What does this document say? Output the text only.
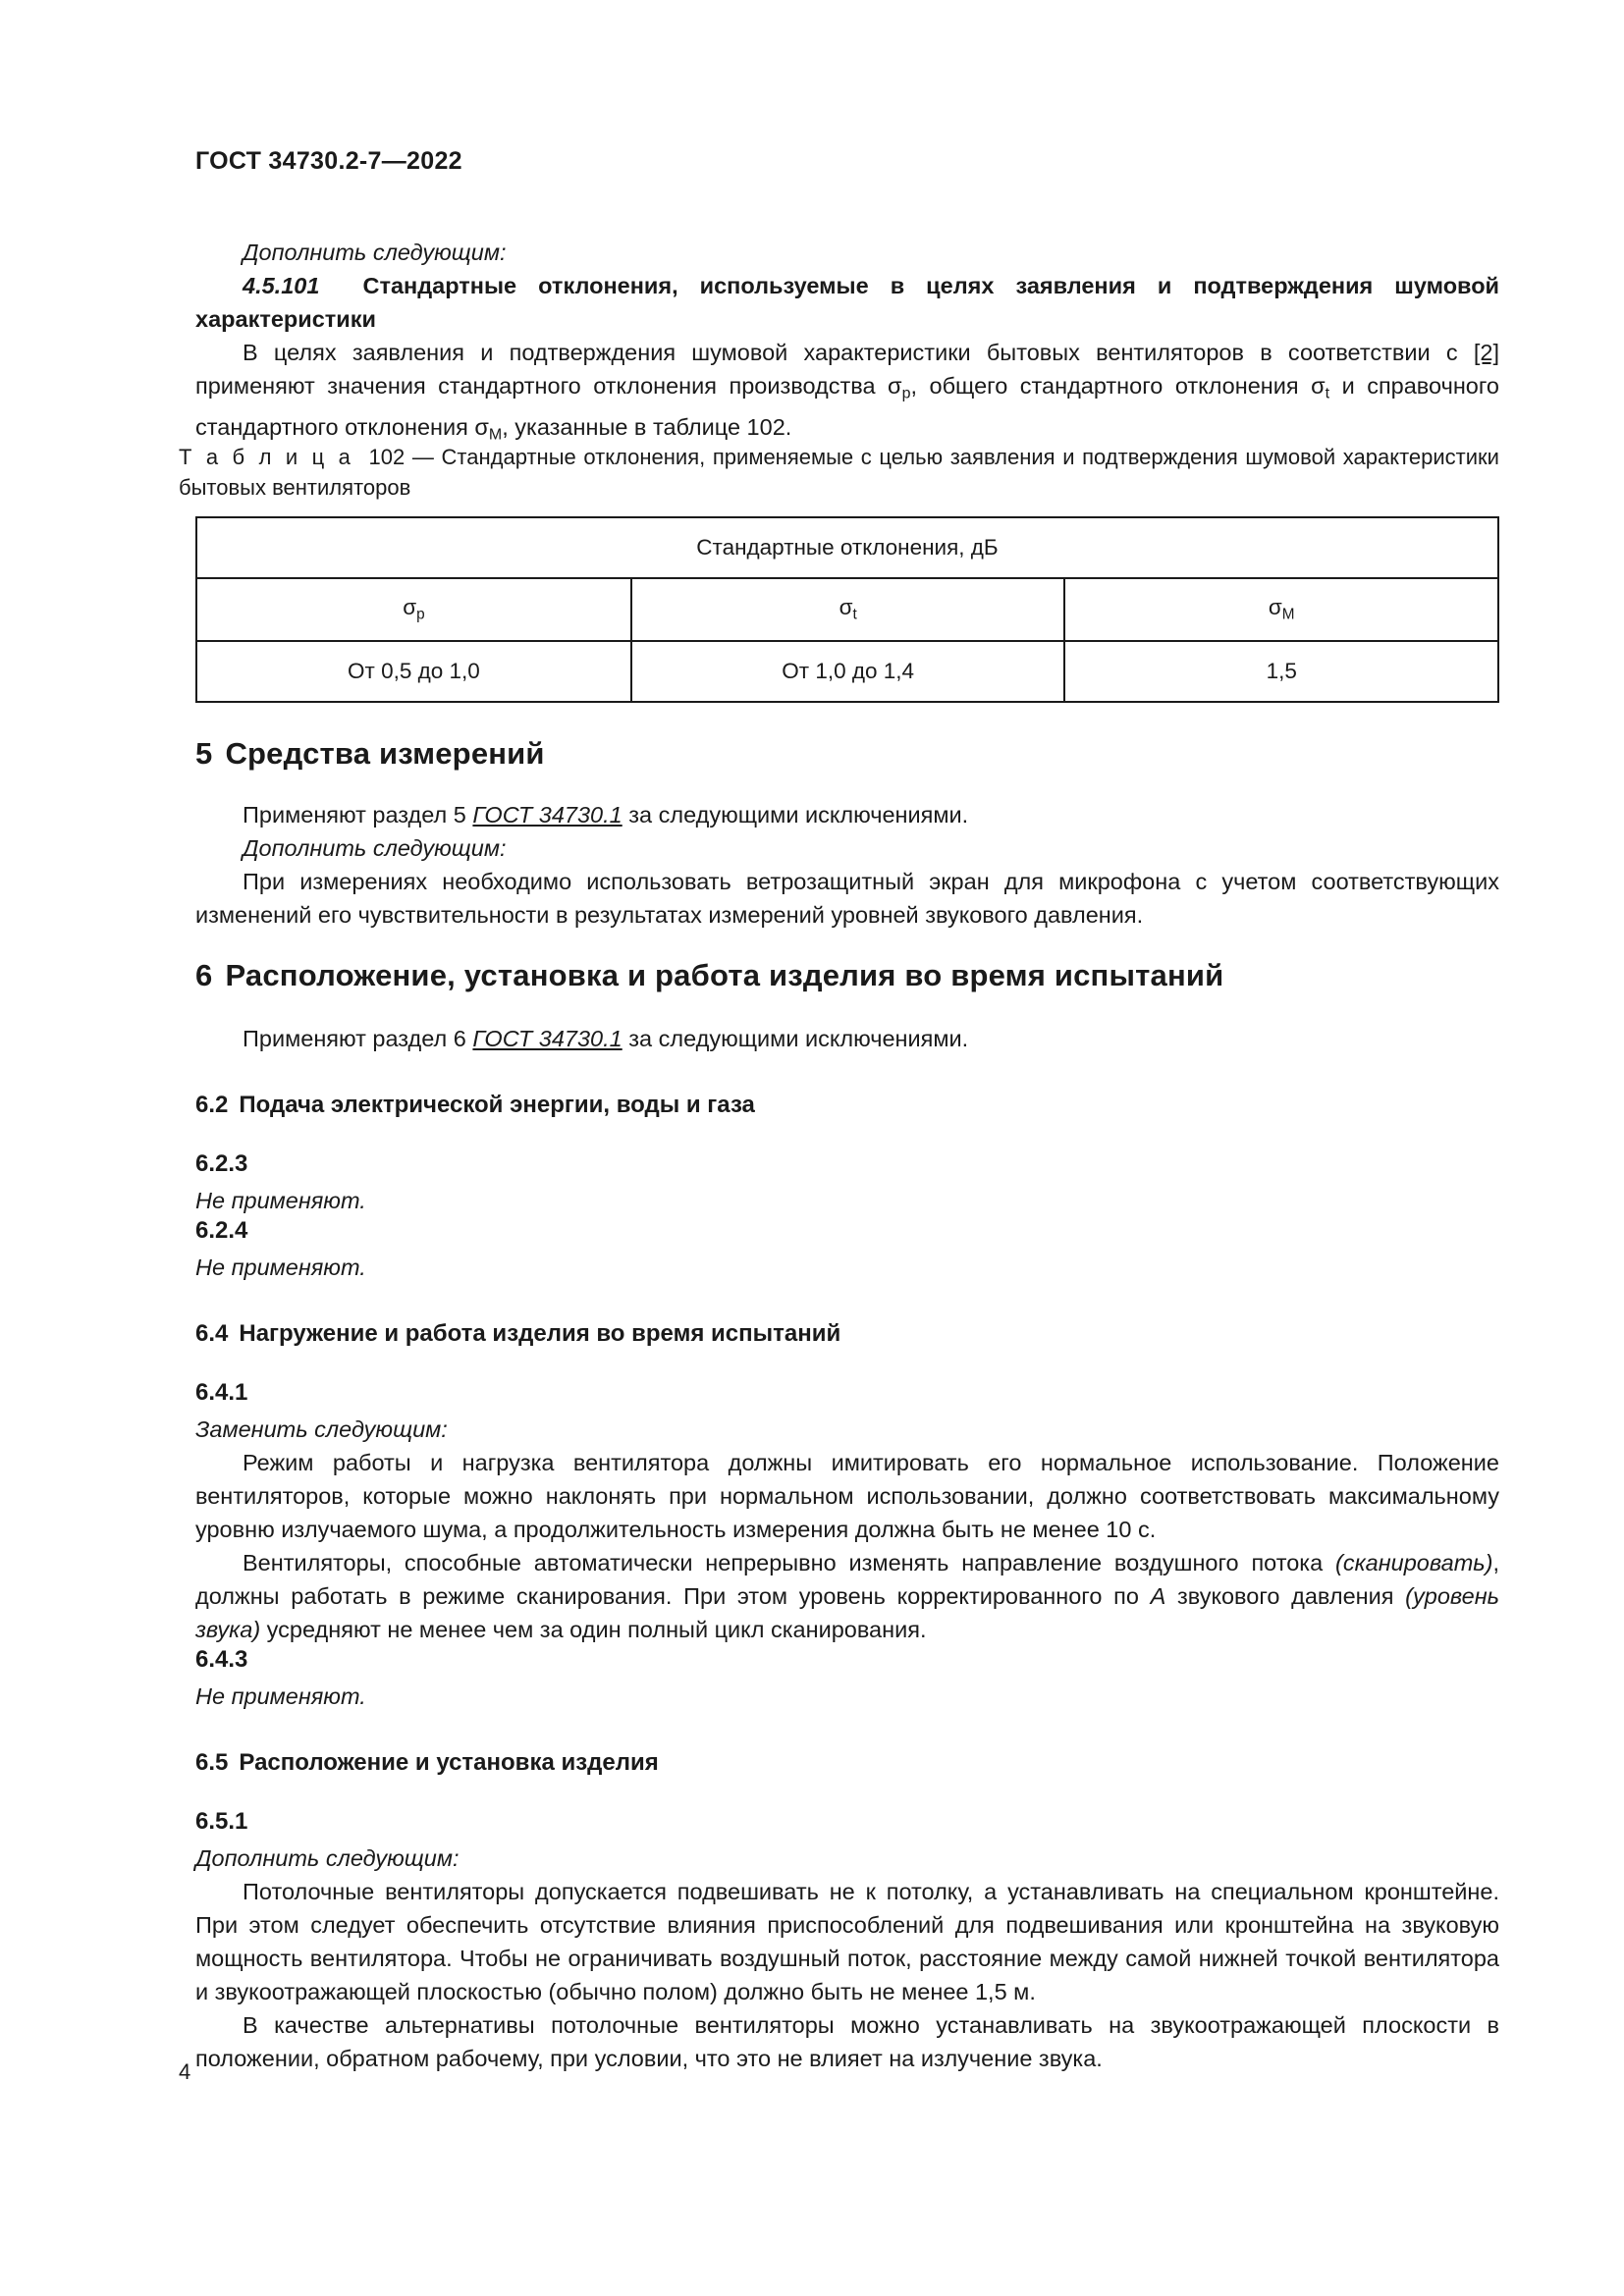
ГОСТ 34730.2-7—2022
Дополнить следующим:
4.5.101 Стандартные отклонения, используемые в целях заявления и подтверждения шумовой характеристики
В целях заявления и подтверждения шумовой характеристики бытовых вентиляторов в соответствии с [2] применяют значения стандартного отклонения производства $\sigma_p$, общего стандартного отклонения $\sigma_t$ и справочного стандартного отклонения $\sigma_M$, указанные в таблице 102.
Т а б л и ц а 102 — Стандартные отклонения, применяемые с целью заявления и подтверждения шумовой характеристики бытовых вентиляторов
Стандартные отклонения, дБ		
$\sigma_p$	$\sigma_t$	$\sigma_M$
От 0,5 до 1,0	От 1,0 до 1,4	1,5
5 Средства измерений
Применяют раздел 5 ГОСТ 34730.1 за следующими исключениями.
Дополнить следующим:
При измерениях необходимо использовать ветрозащитный экран для микрофона с учетом соответствующих изменений его чувствительности в результатах измерений уровней звукового давления.
6 Расположение, установка и работа изделия во время испытаний
Применяют раздел 6 ГОСТ 34730.1 за следующими исключениями.
6.2 Подача электрической энергии, воды и газа
6.2.3
Не применяют.
6.2.4
Не применяют.
6.4 Нагружение и работа изделия во время испытаний
6.4.1
Заменить следующим:
Режим работы и нагрузка вентилятора должны имитировать его нормальное использование. Положение вентиляторов, которые можно наклонять при нормальном использовании, должно соответствовать максимальному уровню излучаемого шума, а продолжительность измерения должна быть не менее 10 с.
Вентиляторы, способные автоматически непрерывно изменять направление воздушного потока (сканировать), должны работать в режиме сканирования. При этом уровень корректированного по А звукового давления (уровень звука) усредняют не менее чем за один полный цикл сканирования.
6.4.3
Не применяют.
6.5 Расположение и установка изделия
6.5.1
Дополнить следующим:
Потолочные вентиляторы допускается подвешивать не к потолку, а устанавливать на специальном кронштейне. При этом следует обеспечить отсутствие влияния приспособлений для подвешивания или кронштейна на звуковую мощность вентилятора. Чтобы не ограничивать воздушный поток, расстояние между самой нижней точкой вентилятора и звукоотражающей плоскостью (обычно полом) должно быть не менее 1,5 м.
В качестве альтернативы потолочные вентиляторы можно устанавливать на звукоотражающей плоскости в положении, обратном рабочему, при условии, что это не влияет на излучение звука.
4
